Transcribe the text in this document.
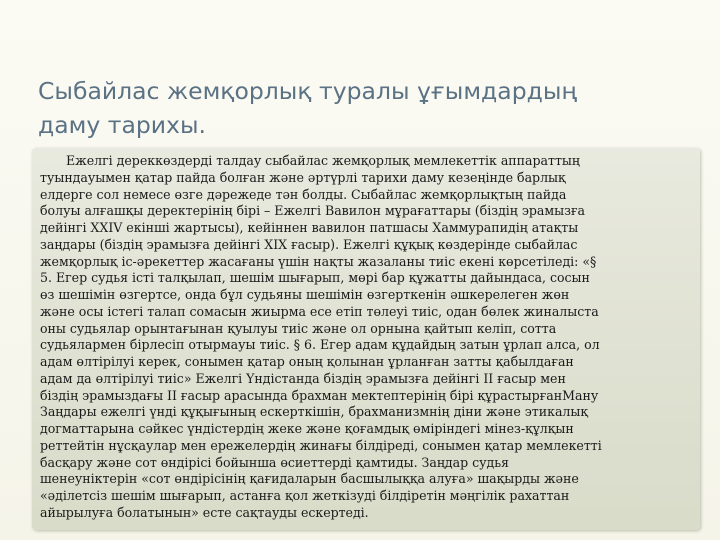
Сыбайлас жемқорлық туралы ұғымдардың
даму тарихы.

Ежелгі дереккөздерді талдау сыбайлас жемқорлық мемлекеттік аппараттың
туындауымен қатар пайда болған және әртүрлі тарихи даму кезеңінде барлық
елдерге сол немесе өзге дәрежеде тән болды. Сыбайлас жемқорлықтың пайда
болуы алғашқы деректерінің бірі – Ежелгі Вавилон мұрағаттары (біздің эрамызға
дейінгі XXIV екінші жартысы), кейіннен вавилон патшасы Хаммурапидің атақты
заңдары (біздің эрамызға дейінгі XIX ғасыр). Ежелгі құқық көздерінде сыбайлас
жемқорлық іс-әрекеттер жасағаны үшін нақты жазаланы тиіс екені көрсетіледі: «§
5. Егер судья істі талқылап, шешім шығарып, мөрі бар құжатты дайындаса, сосын
өз шешімін өзгертсе, онда бұл судьяны шешімін өзгерткенін әшкерелеген жөн
және осы істегі талап сомасын жиырма есе етіп төлеуі тиіс, одан бөлек жиналыста
оны судьялар орынтағынан қуылуы тиіс және ол орнына қайтып келіп, сотта
судьялармен бірлесіп отырмауы тиіс. § 6. Егер адам құдайдың затын ұрлап алса, ол
адам өлтірілуі керек, сонымен қатар оның қолынан ұрланған затты қабылдаған
адам да өлтірілуі тиіс» Ежелгі Үндістанда біздің эрамызға дейінгі II ғасыр мен
біздің эрамыздағы II ғасыр арасында брахман мектептерінің бірі құрастырғанМану
Заңдары ежелгі үнді құқығының ескерткішін, брахманизмнің діни және этикалық
догматтарына сәйкес үндістердің жеке және қоғамдық өміріндегі мінез-құлқын
реттейтін нұсқаулар мен ережелердің жинағы білдіреді, сонымен қатар мемлекетті
басқару және сот өндірісі бойынша өсиеттерді қамтиды. Заңдар судья
шенеуніктерін «сот өндірісінің қағидаларын басшылыққа алуға» шақырды және
«әділетсіз шешім шығарып, астанға қол жеткізуді білдіретін мәңгілік рахаттан
айырылуға болатынын» есте сақтауды ескертеді.
